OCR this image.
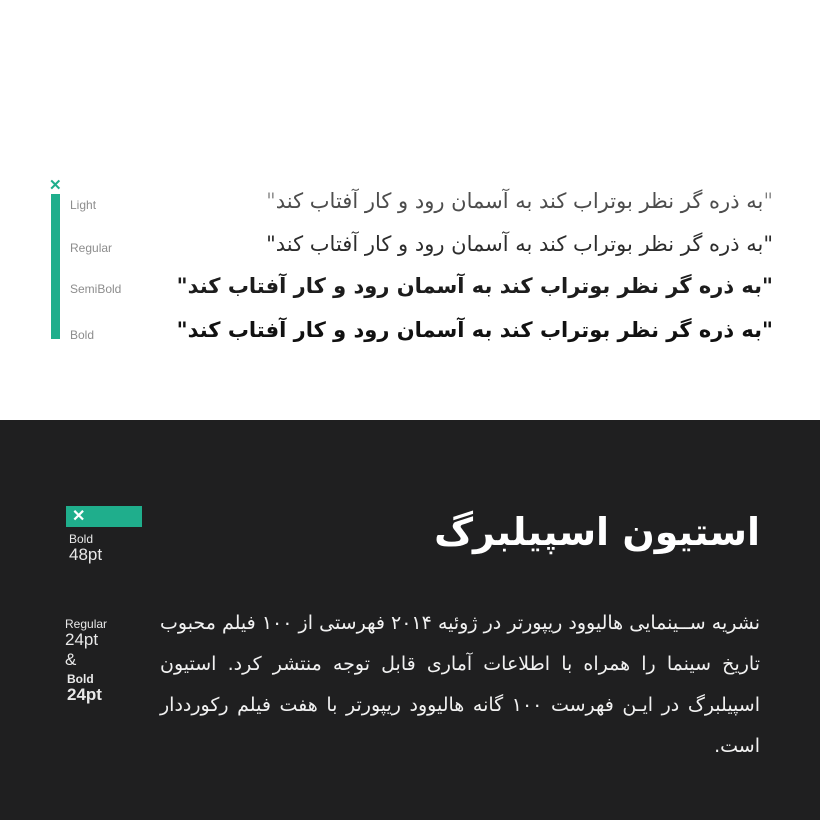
✕
Light
Regular
SemiBold
Bold
"به ذره گر نظر بوتراب کند به آسمان رود و کار آفتاب کند"
"به ذره گر نظر بوتراب کند به آسمان رود و کار آفتاب کند"
"به ذره گر نظر بوتراب کند به آسمان رود و کار آفتاب کند"
"به ذره گر نظر بوتراب کند به آسمان رود و کار آفتاب کند"
✕
Bold
48pt
Regular
24pt
&
Bold
24pt
استیون اسپیلبرگ
نشریه ســینمایی هالیوود ریپورتر در ژوئیه ۲۰۱۴ فهرستی از ۱۰۰ فیلم محبوب تاریخ سینما را همراه با اطلاعات آماری قابل توجه منتشر کرد. استیون اسپیلبرگ در ایـن فهرست ۱۰۰ گانه هالیوود ریپورتر با هفت فیلم رکورددار است.
